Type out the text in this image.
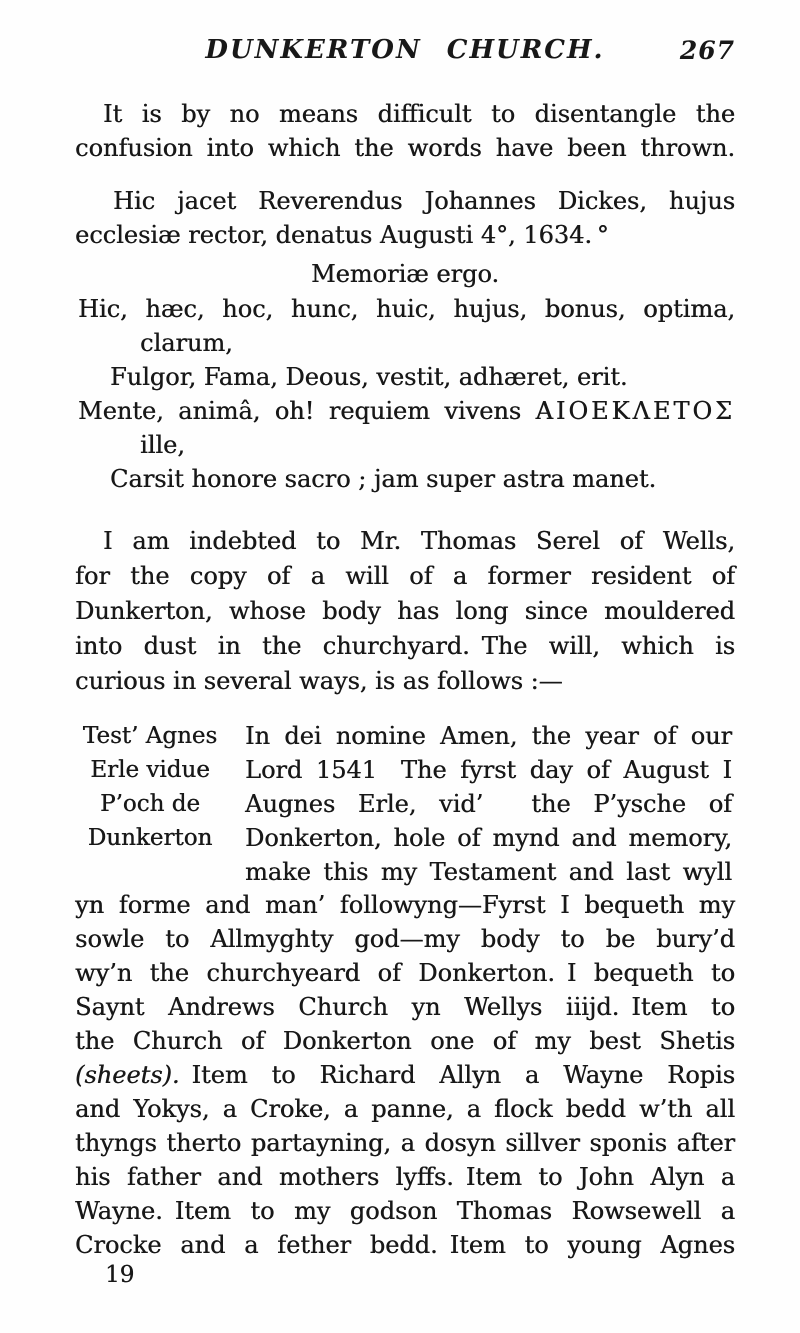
DUNKERTON CHURCH.	267
It is by no means difficult to disentangle the
confusion into which the words have been thrown.
Hic jacet Reverendus Johannes Dickes, hujus
ecclesiæ rector, denatus Augusti 4°, 1634. °
Memoriæ ergo.
Hic, hæc, hoc, hunc, huic, hujus, bonus, optima,
clarum,
Fulgor, Fama, Deous, vestit, adhæret, erit.
Mente, animâ, oh! requiem vivens ΑΙΟΕΚΛΕΤΟΣ
ille,
Carsit honore sacro ; jam super astra manet.
I am indebted to Mr. Thomas Serel of Wells,
for the copy of a will of a former resident of
Dunkerton, whose body has long since mouldered
into dust in the churchyard. The will, which is
curious in several ways, is as follows :—
Test’ Agnes
Erle vidue
P’och de
Dunkerton
In dei nomine Amen, the year of our
Lord 1541 The fyrst day of August I
Augnes Erle, vid’  the P’ysche of
Donkerton, hole of mynd and memory,
make this my Testament and last wyll
yn forme and man’ followyng—Fyrst I bequeth my
sowle to Allmyghty god—my body to be bury’d
wy’n the churchyeard of Donkerton. I bequeth to
Saynt Andrews Church yn Wellys iiijd. Item to
the Church of Donkerton one of my best Shetis
(sheets). Item to Richard Allyn a Wayne Ropis
and Yokys, a Croke, a panne, a flock bedd w’th all
thyngs therto partayning, a dosyn sillver sponis after
his father and mothers lyffs. Item to John Alyn a
Wayne. Item to my godson Thomas Rowsewell a
Crocke and a fether bedd. Item to young Agnes
19
